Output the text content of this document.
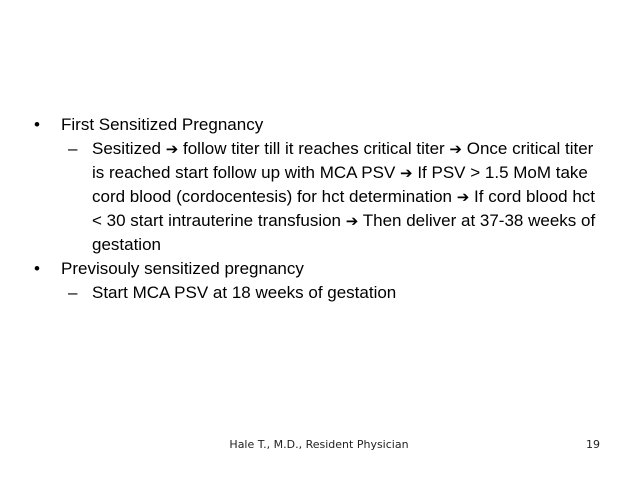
• First Sensitized Pregnancy

– Sesitized ➔ follow titer till it reaches critical titer ➔ Once critical titer is reached start follow up with MCA PSV ➔ If PSV > 1.5 MoM take cord blood (cordocentesis) for hct determination ➔ If cord blood hct < 30 start intrauterine transfusion ➔ Then deliver at 37-38 weeks of gestation

• Previsouly sensitized pregnancy

– Start MCA PSV at 18 weeks of gestation

Hale T., M.D., Resident Physician	19
